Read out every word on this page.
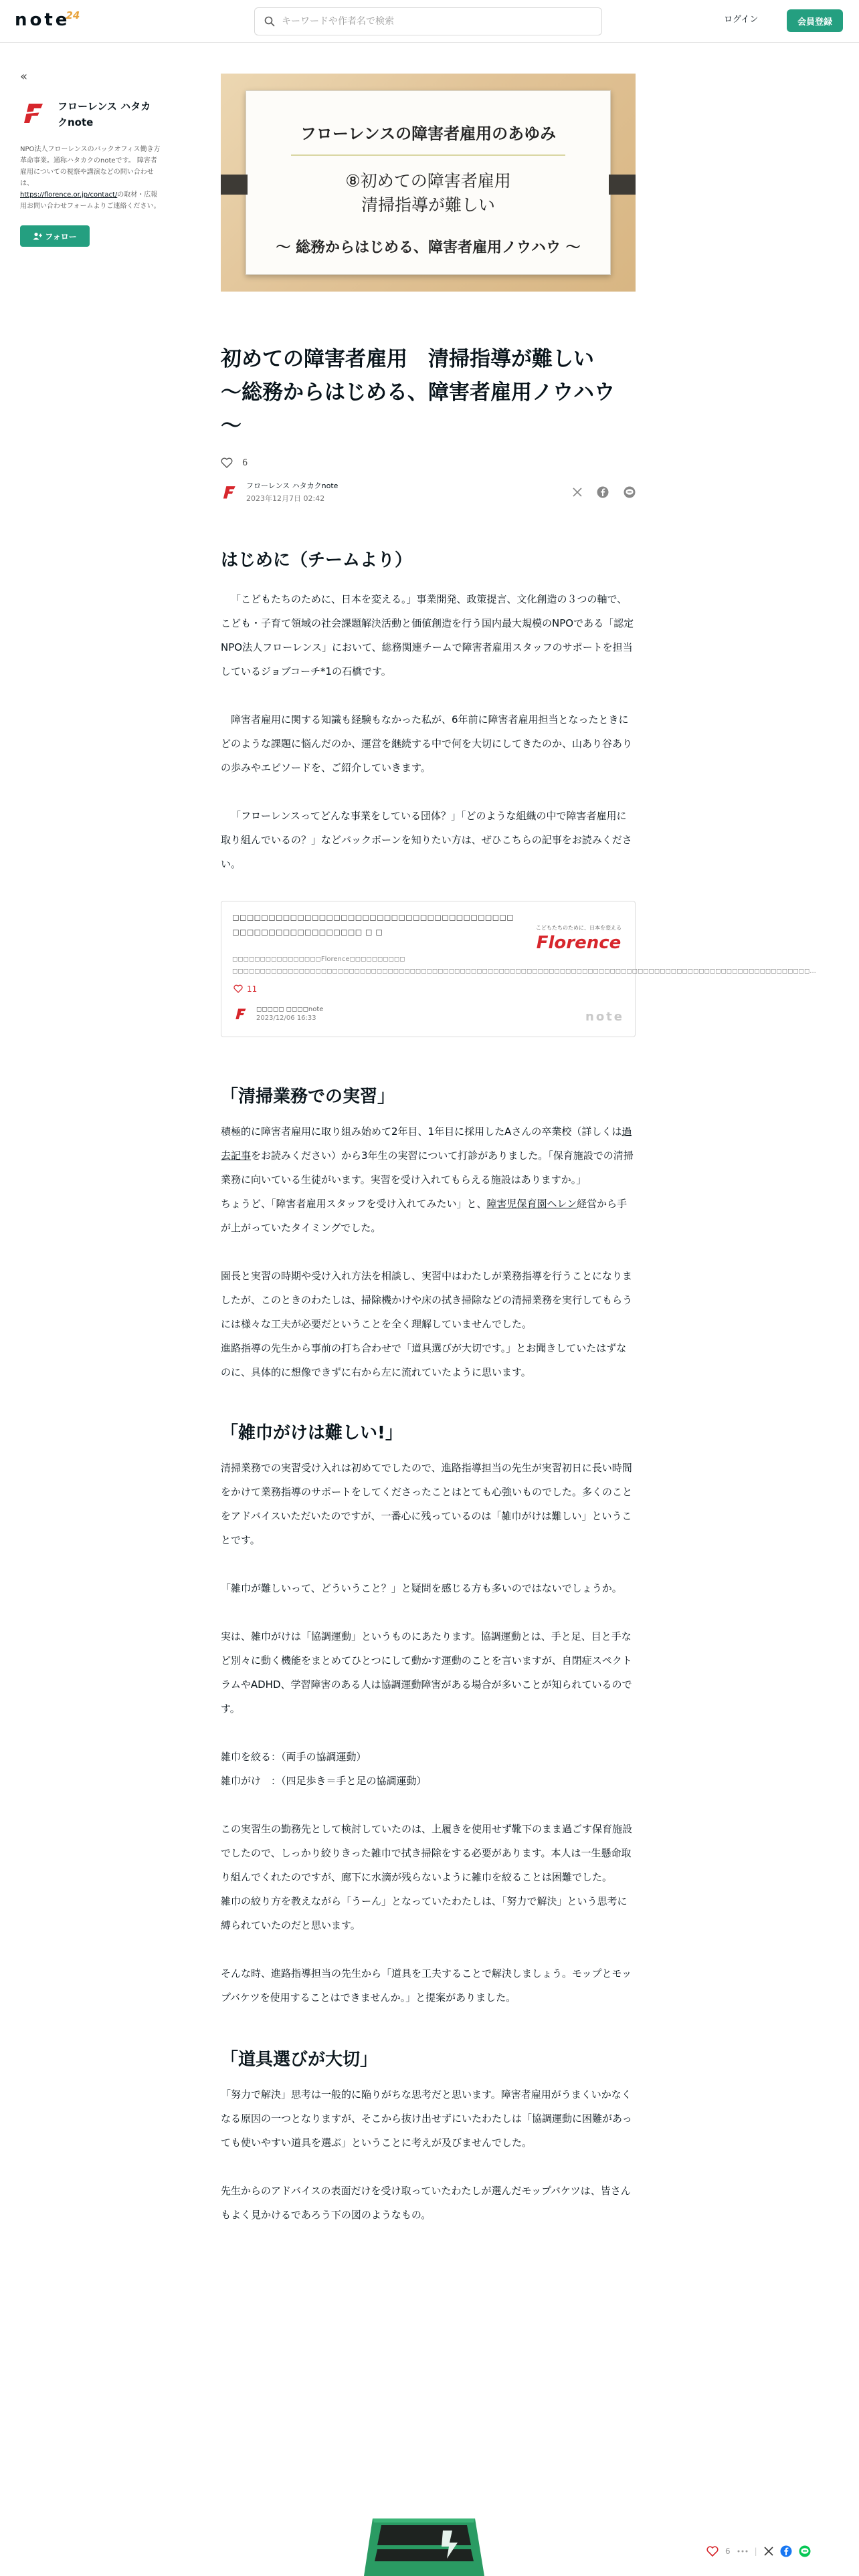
note24
キーワードや作者名で検索	ログイン	会員登録
«
フローレンス ハタカクnote
NPO法人フローレンスのバックオフィス働き方革命事業。通称ハタカクのnoteです。 障害者雇用についての視察や講演などの問い合わせは、
https://florence.or.jp/contact/の取材・広報用お問い合わせフォームよりご連絡ください。
フォロー
フローレンスの障害者雇用のあゆみ
⑧初めての障害者雇用
清掃指導が難しい
〜 総務からはじめる、障害者雇用ノウハウ 〜
初めての障害者雇用　清掃指導が難しい
〜総務からはじめる、障害者雇用ノウハウ
〜
6
フローレンス ハタカクnote
2023年12月7日 02:42
はじめに（チームより）

「こどもたちのために、日本を変える。」事業開発、政策提言、文化創造の３つの軸で、こども・子育て領域の社会課題解決活動と価値創造を行う国内最大規模のNPOである「認定NPO法人フローレンス」において、総務関連チームで障害者雇用スタッフのサポートを担当しているジョブコーチ*1の石橋です。

障害者雇用に関する知識も経験もなかった私が、6年前に障害者雇用担当となったときにどのような課題に悩んだのか、運営を継続する中で何を大切にしてきたのか、山あり谷ありの歩みやエピソードを、ご紹介していきます。

「フローレンスってどんな事業をしている団体？」「どのような組織の中で障害者雇用に取り組んでいるの？」などバックボーンを知りたい方は、ぜひこちらの記事をお読みください。

◻◻◻◻◻◻◻◻◻◻◻◻◻◻◻◻◻◻◻◻◻◻◻◻◻◻◻◻◻◻◻◻◻◻◻◻◻◻◻ ◻◻◻◻◻◻◻◻◻◻◻◻◻◻◻◻◻◻ ◻ ◻
◻◻◻◻◻◻◻◻◻◻◻◻◻◻◻◻Florence◻◻◻◻◻◻◻◻◻◻ ◻◻◻◻◻◻◻◻◻◻◻◻◻◻◻◻◻◻◻◻◻◻◻◻◻◻◻◻◻◻◻◻◻◻◻◻◻◻◻◻◻◻◻◻◻◻◻◻◻◻◻◻◻◻◻◻◻◻◻◻◻◻◻◻◻◻◻◻◻◻◻◻◻◻◻◻◻◻◻◻◻◻◻◻◻◻◻◻◻◻◻◻◻◻◻◻◻◻◻◻◻◻◻◻...
こどもたちのために、日本を変える
Florence
11
◻◻◻◻◻ ◻◻◻◻note
2023/12/06 16:33	note
「清掃業務での実習」

積極的に障害者雇用に取り組み始めて2年目、1年目に採用したAさんの卒業校（詳しくは過去記事をお読みください）から3年生の実習について打診がありました。「保育施設での清掃業務に向いている生徒がいます。実習を受け入れてもらえる施設はありますか。」
ちょうど、「障害者雇用スタッフを受け入れてみたい」と、障害児保育園ヘレン経営から手が上がっていたタイミングでした。

園長と実習の時期や受け入れ方法を相談し、実習中はわたしが業務指導を行うことになりましたが、このときのわたしは、掃除機かけや床の拭き掃除などの清掃業務を実行してもらうには様々な工夫が必要だということを全く理解していませんでした。
進路指導の先生から事前の打ち合わせで「道具選びが大切です。」とお聞きしていたはずなのに、具体的に想像できずに右から左に流れていたように思います。

「雑巾がけは難しい!」

清掃業務での実習受け入れは初めてでしたので、進路指導担当の先生が実習初日に長い時間をかけて業務指導のサポートをしてくださったことはとても心強いものでした。多くのことをアドバイスいただいたのですが、一番心に残っているのは「雑巾がけは難しい」ということです。

「雑巾が難しいって、どういうこと？」と疑問を感じる方も多いのではないでしょうか。

実は、雑巾がけは「協調運動」というものにあたります。協調運動とは、手と足、目と手など別々に動く機能をまとめてひとつにして動かす運動のことを言いますが、自閉症スペクトラムやADHD、学習障害のある人は協調運動障害がある場合が多いことが知られているのです。

雑巾を絞る：（両手の協調運動）
雑巾がけ　：（四足歩き＝手と足の協調運動）

この実習生の勤務先として検討していたのは、上履きを使用せず靴下のまま過ごす保育施設でしたので、しっかり絞りきった雑巾で拭き掃除をする必要があります。本人は一生懸命取り組んでくれたのですが、廊下に水滴が残らないように雑巾を絞ることは困難でした。
雑巾の絞り方を教えながら「うーん」となっていたわたしは、「努力で解決」という思考に縛られていたのだと思います。

そんな時、進路指導担当の先生から「道具を工夫することで解決しましょう。モップとモップバケツを使用することはできませんか。」と提案がありました。

「道具選びが大切」

「努力で解決」思考は一般的に陥りがちな思考だと思います。障害者雇用がうまくいかなくなる原因の一つとなりますが、そこから抜け出せずにいたわたしは「協調運動に困難があっても使いやすい道具を選ぶ」ということに考えが及びませんでした。

先生からのアドバイスの表面だけを受け取っていたわたしが選んだモップバケツは、皆さんもよく見かけるであろう下の図のようなもの。

6	|
